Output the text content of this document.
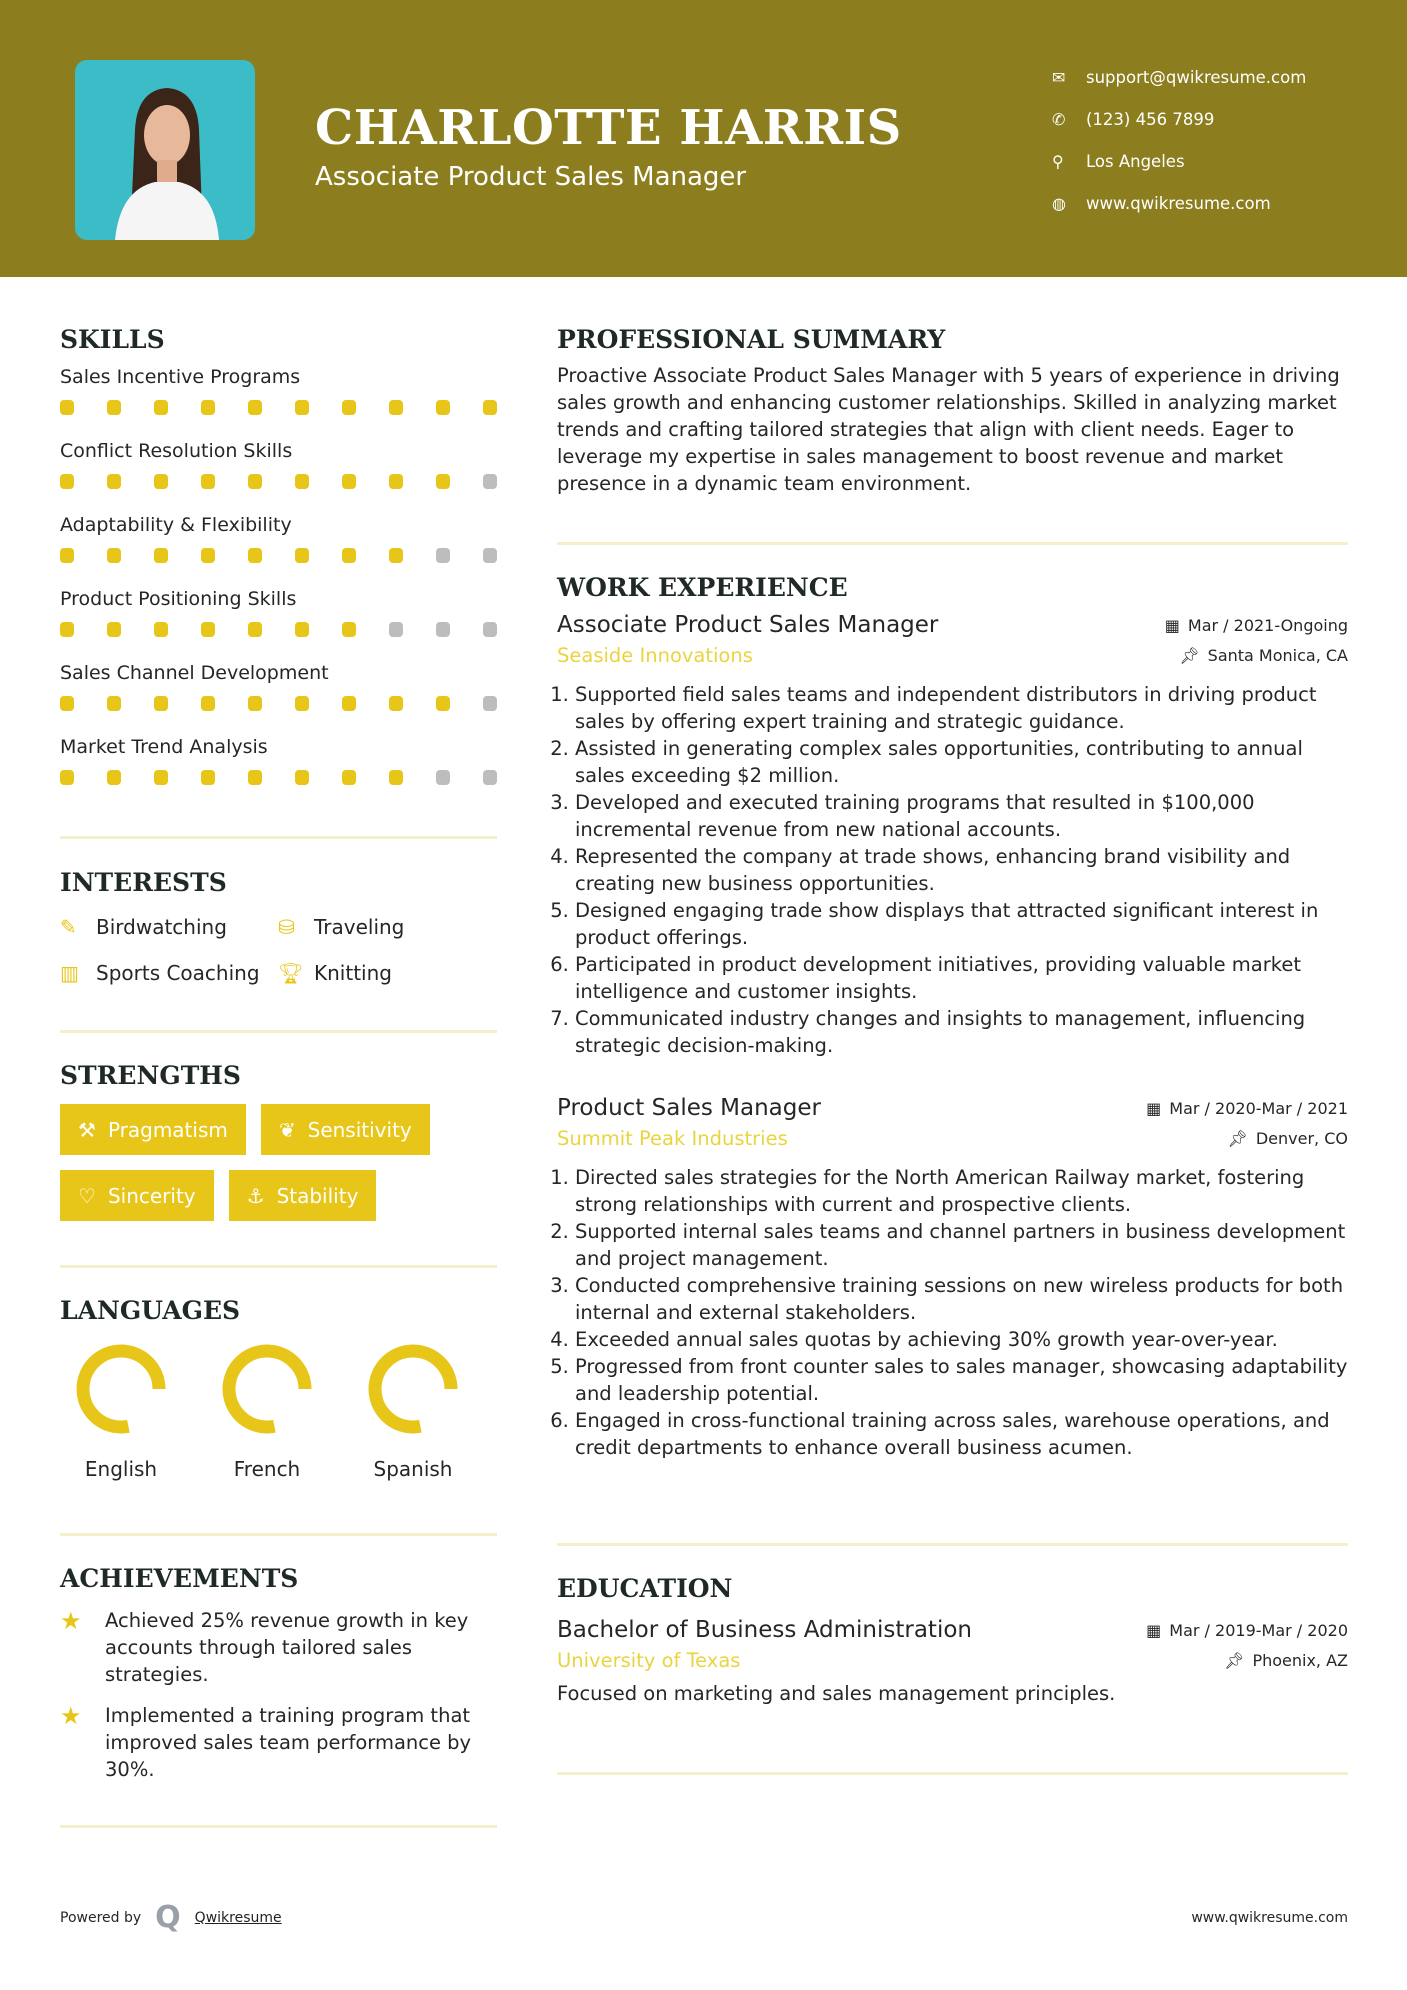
CHARLOTTE HARRIS
Associate Product Sales Manager
✉	support@qwikresume.com
✆	(123) 456 7899
⚲	Los Angeles
◍	www.qwikresume.com
SKILLS
Sales Incentive Programs
Conflict Resolution Skills
Adaptability & Flexibility
Product Positioning Skills
Sales Channel Development
Market Trend Analysis
INTERESTS
✎ Birdwatching	⛁ Traveling
▥ Sports Coaching 🏆︎ Knitting
STRENGTHS
⚒ Pragmatism	❦ Sensitivity
♡ Sincerity	⚓ Stability
LANGUAGES
English	French	Spanish
ACHIEVEMENTS
★	Achieved 25% revenue growth in key accounts through tailored sales strategies.
★	Implemented a training program that improved sales team performance by 30%.
PROFESSIONAL SUMMARY

Proactive Associate Product Sales Manager with 5 years of experience in driving sales growth and enhancing customer relationships. Skilled in analyzing market trends and crafting tailored strategies that align with client needs. Eager to leverage my expertise in sales management to boost revenue and market presence in a dynamic team environment.

WORK EXPERIENCE
Associate Product Sales Manager	▦ Mar / 2021-Ongoing
Seaside Innovations	📌︎ Santa Monica, CA
1. Supported field sales teams and independent distributors in driving product sales by offering expert training and strategic guidance.
2. Assisted in generating complex sales opportunities, contributing to annual sales exceeding $2 million.
3. Developed and executed training programs that resulted in $100,000 incremental revenue from new national accounts.
4. Represented the company at trade shows, enhancing brand visibility and creating new business opportunities.
5. Designed engaging trade show displays that attracted significant interest in product offerings.
6. Participated in product development initiatives, providing valuable market intelligence and customer insights.
7. Communicated industry changes and insights to management, influencing strategic decision-making.
Product Sales Manager	▦ Mar / 2020-Mar / 2021
Summit Peak Industries	📌︎ Denver, CO
1. Directed sales strategies for the North American Railway market, fostering strong relationships with current and prospective clients.
2. Supported internal sales teams and channel partners in business development and project management.
3. Conducted comprehensive training sessions on new wireless products for both internal and external stakeholders.
4. Exceeded annual sales quotas by achieving 30% growth year-over-year.
5. Progressed from front counter sales to sales manager, showcasing adaptability and leadership potential.
6. Engaged in cross-functional training across sales, warehouse operations, and credit departments to enhance overall business acumen.
EDUCATION
Bachelor of Business Administration	▦ Mar / 2019-Mar / 2020
University of Texas	📌︎ Phoenix, AZ

Focused on marketing and sales management principles.

Powered by Q Qwikresume	www.qwikresume.com
